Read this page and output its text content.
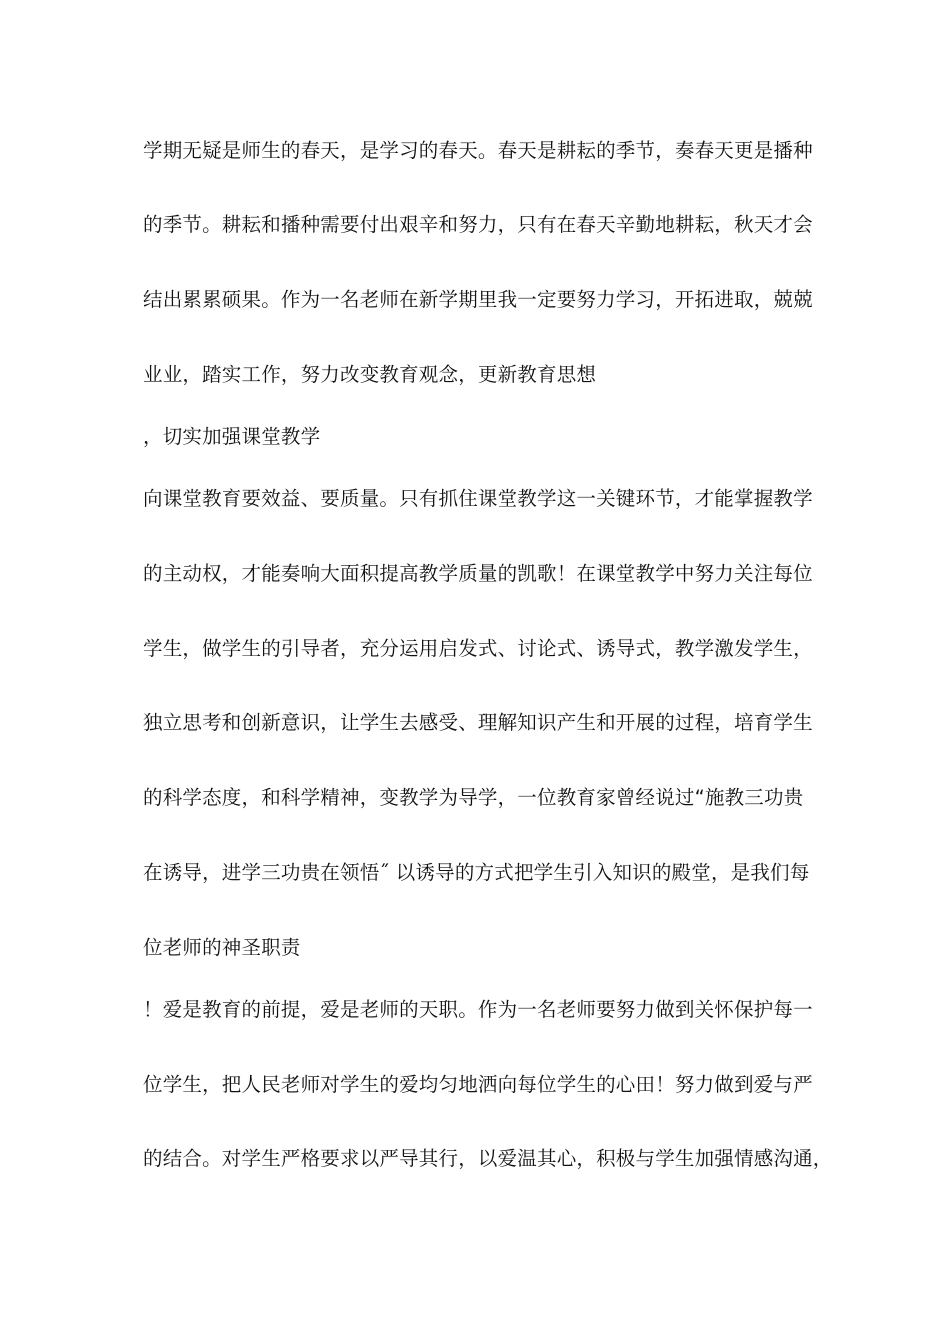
学期无疑是师生的春天，是学习的春天。春天是耕耘的季节，奏春天更是播种
的季节。耕耘和播种需要付出艰辛和努力，只有在春天辛勤地耕耘，秋天才会
结出累累硕果。作为一名老师在新学期里我一定要努力学习，开拓进取，兢兢
业业，踏实工作，努力改变教育观念，更新教育思想
，切实加强课堂教学
向课堂教育要效益、要质量。只有抓住课堂教学这一关键环节，才能掌握教学
的主动权，才能奏响大面积提高教学质量的凯歌！在课堂教学中努力关注每位
学生，做学生的引导者，充分运用启发式、讨论式、诱导式，教学激发学生，
独立思考和创新意识，让学生去感受、理解知识产生和开展的过程，培育学生
的科学态度，和科学精神，变教学为导学，一位教育家曾经说过“施教三功贵
在诱导，进学三功贵在领悟˝ 以诱导的方式把学生引入知识的殿堂，是我们每
位老师的神圣职责
！爱是教育的前提，爱是老师的天职。作为一名老师要努力做到关怀保护每一
位学生，把人民老师对学生的爱均匀地洒向每位学生的心田！努力做到爱与严
的结合。对学生严格要求以严导其行，以爱温其心，积极与学生加强情感沟通，
